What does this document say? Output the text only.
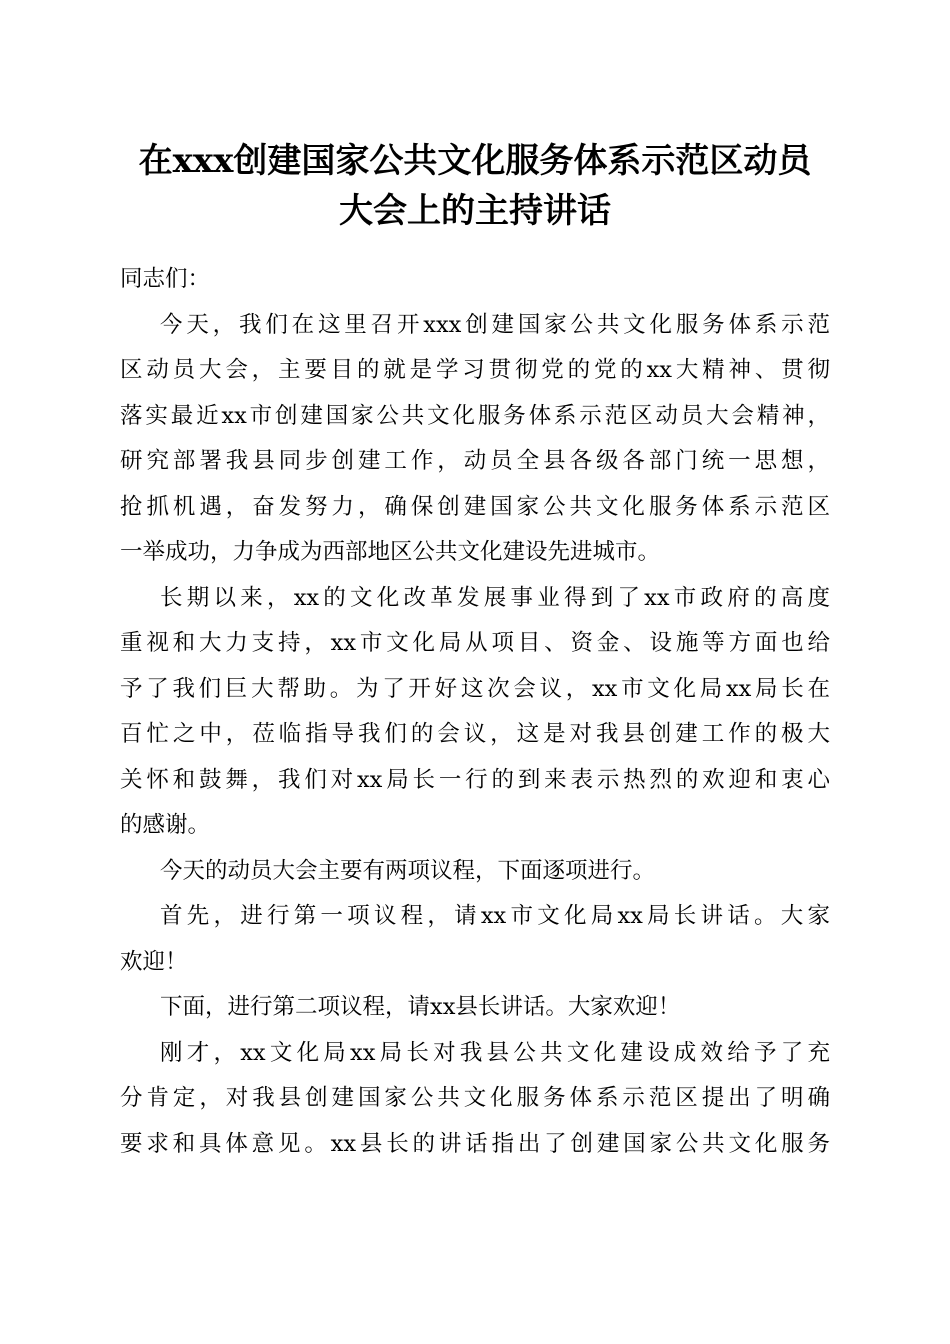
在xxx创建国家公共文化服务体系示范区动员
大会上的主持讲话

同志们：

今天，我们在这里召开xxx创建国家公共文化服务体系示范
区动员大会，主要目的就是学习贯彻党的党的xx大精神、贯彻
落实最近xx市创建国家公共文化服务体系示范区动员大会精神，
研究部署我县同步创建工作，动员全县各级各部门统一思想，
抢抓机遇，奋发努力，确保创建国家公共文化服务体系示范区
一举成功，力争成为西部地区公共文化建设先进城市。

长期以来，xx的文化改革发展事业得到了xx市政府的高度
重视和大力支持，xx市文化局从项目、资金、设施等方面也给
予了我们巨大帮助。为了开好这次会议，xx市文化局xx局长在
百忙之中，莅临指导我们的会议，这是对我县创建工作的极大
关怀和鼓舞，我们对xx局长一行的到来表示热烈的欢迎和衷心
的感谢。

今天的动员大会主要有两项议程，下面逐项进行。

首先，进行第一项议程，请xx市文化局xx局长讲话。大家
欢迎！

下面，进行第二项议程，请xx县长讲话。大家欢迎！

刚才，xx文化局xx局长对我县公共文化建设成效给予了充
分肯定，对我县创建国家公共文化服务体系示范区提出了明确
要求和具体意见。xx县长的讲话指出了创建国家公共文化服务
